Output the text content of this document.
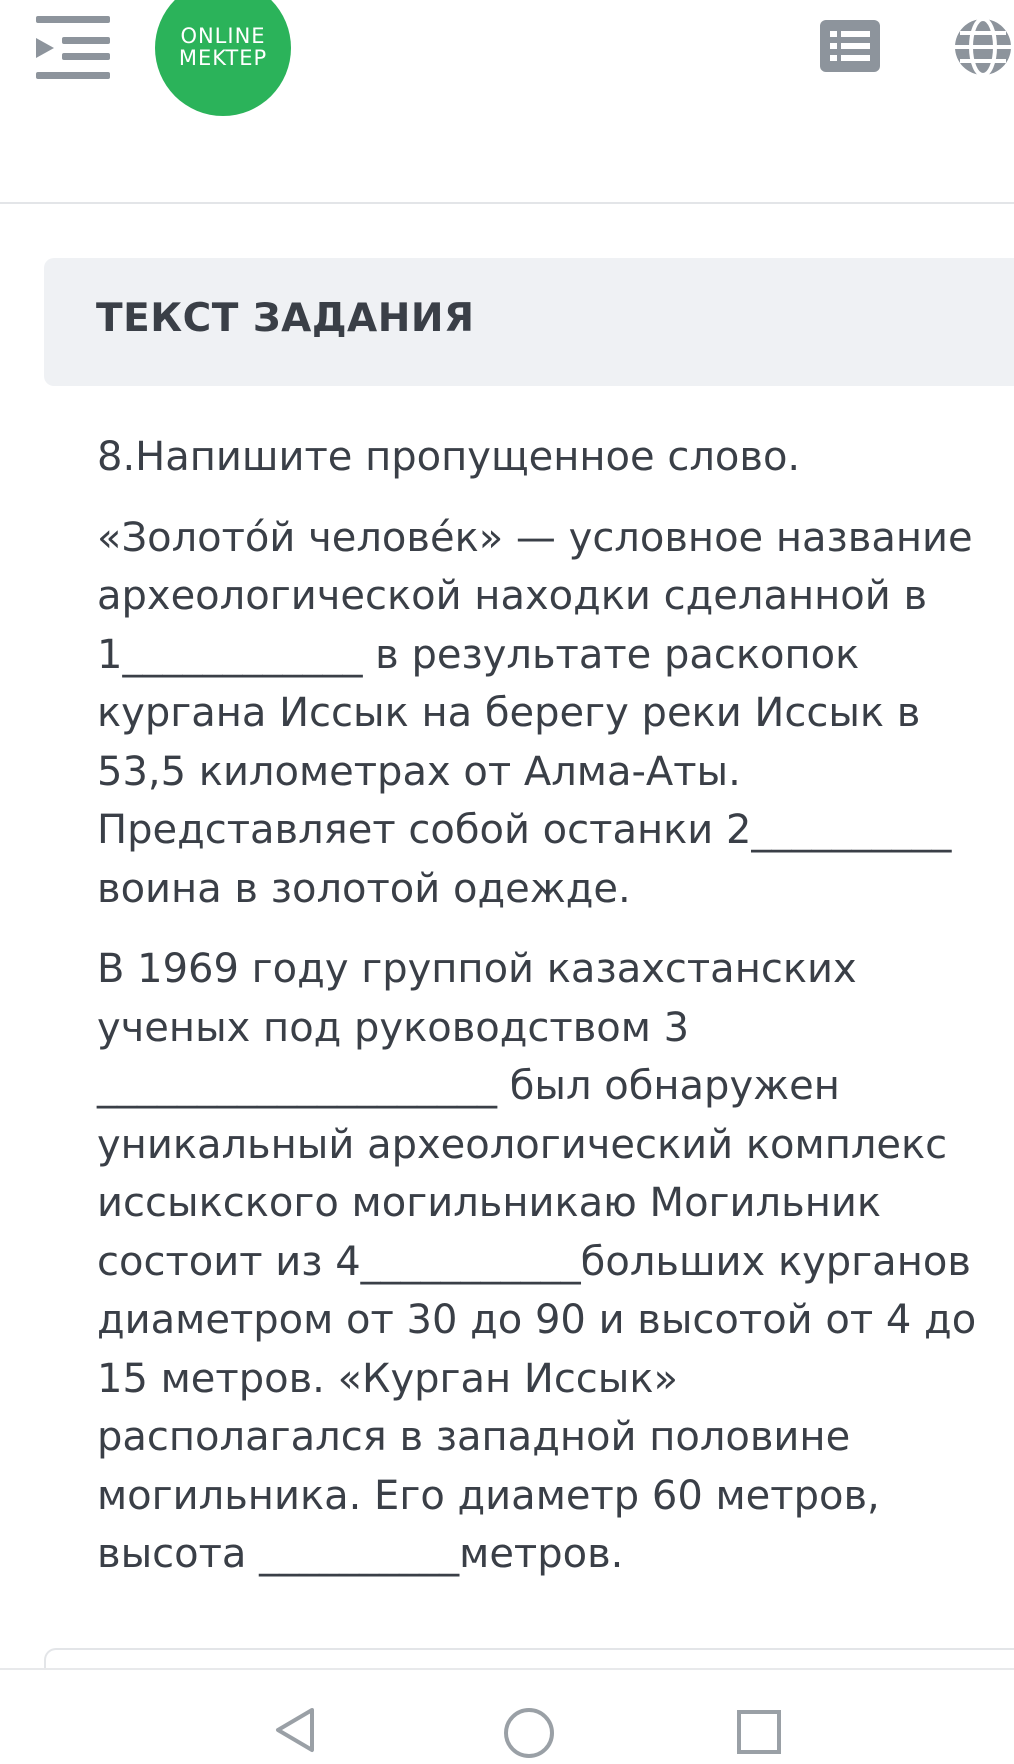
ONLINE
MEKTEP
ТЕКСТ ЗАДАНИЯ

8.Напишите пропущенное слово.

«Золото́й челове́к» — условное название археологической находки сделанной в 1____________ в результате раскопок кургана Иссык на берегу реки Иссык в 53,5 километрах от Алма-Аты. Представляет собой останки 2__________ воина в золотой одежде.

В 1969 году группой казахстанских ученых под руководством 3 ____________________ был обнаружен уникальный археологический комплекс иссыкского могильникаю Могильник состоит из 4___________больших курганов диаметром от 30 до 90 и высотой от 4 до 15 метров. «Курган Иссык» располагался в западной половине могильника. Его диаметр 60 метров, высота __________метров.
